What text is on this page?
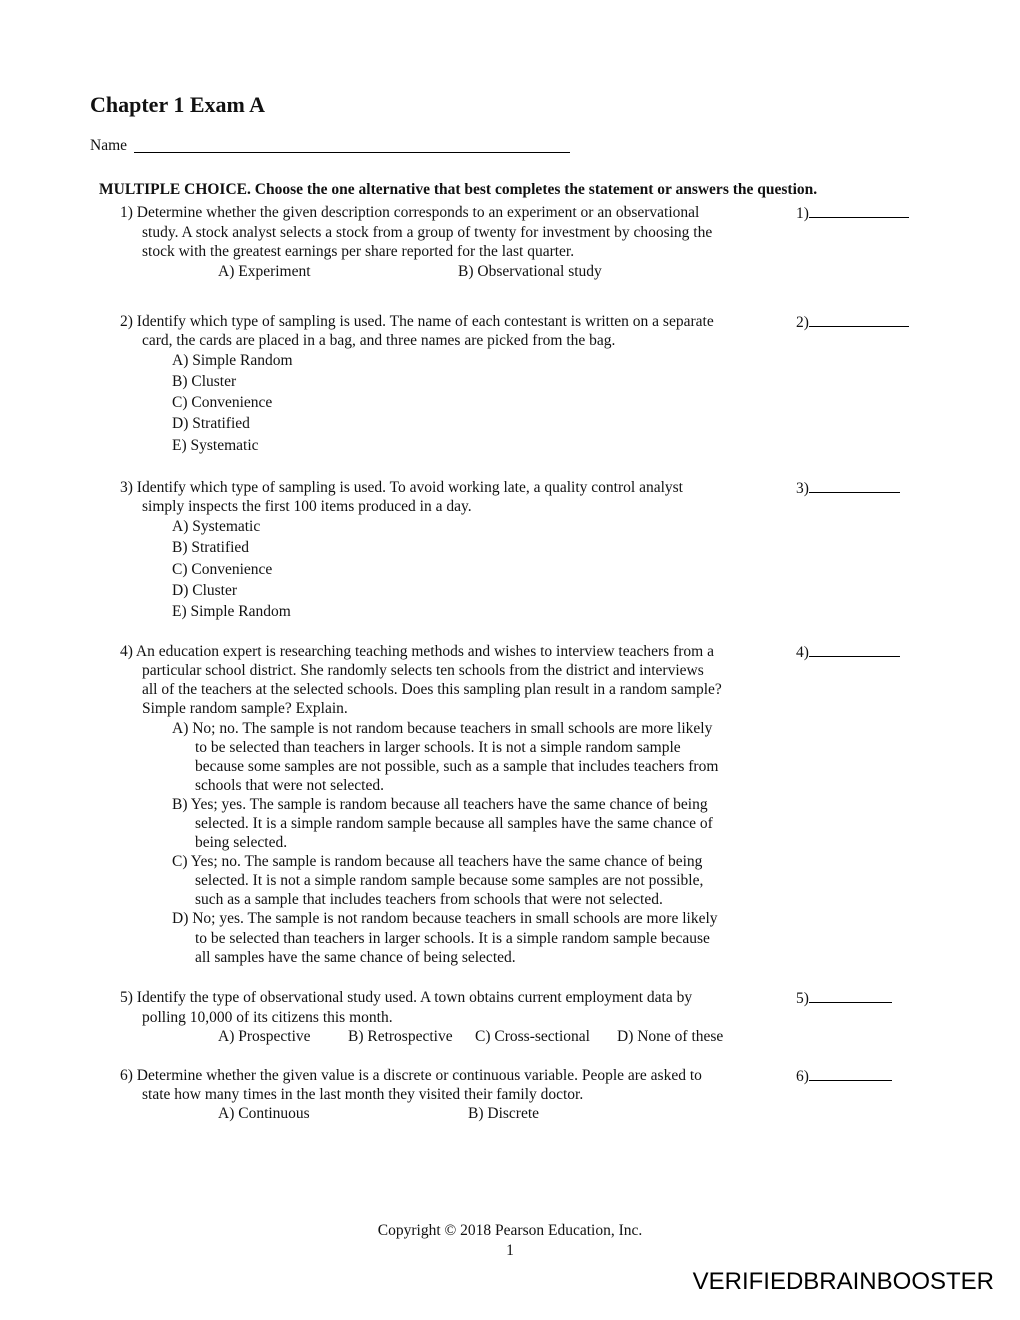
Chapter 1 Exam A
Name
MULTIPLE CHOICE. Choose the one alternative that best completes the statement or answers the question.
1) Determine whether the given description corresponds to an experiment or an observational
study. A stock analyst selects a stock from a group of twenty for investment by choosing the
stock with the greatest earnings per share reported for the last quarter.
A) Experiment	B) Observational study
1)
2) Identify which type of sampling is used. The name of each contestant is written on a separate
card, the cards are placed in a bag, and three names are picked from the bag.
A) Simple Random
B) Cluster
C) Convenience
D) Stratified
E) Systematic
2)
3) Identify which type of sampling is used. To avoid working late, a quality control analyst
simply inspects the first 100 items produced in a day.
A) Systematic
B) Stratified
C) Convenience
D) Cluster
E) Simple Random
3)
4) An education expert is researching teaching methods and wishes to interview teachers from a
particular school district. She randomly selects ten schools from the district and interviews
all of the teachers at the selected schools. Does this sampling plan result in a random sample?
Simple random sample? Explain.
A) No; no. The sample is not random because teachers in small schools are more likely
to be selected than teachers in larger schools. It is not a simple random sample
because some samples are not possible, such as a sample that includes teachers from
schools that were not selected.
B) Yes; yes. The sample is random because all teachers have the same chance of being
selected. It is a simple random sample because all samples have the same chance of
being selected.
C) Yes; no. The sample is random because all teachers have the same chance of being
selected. It is not a simple random sample because some samples are not possible,
such as a sample that includes teachers from schools that were not selected.
D) No; yes. The sample is not random because teachers in small schools are more likely
to be selected than teachers in larger schools. It is a simple random sample because
all samples have the same chance of being selected.
4)
5) Identify the type of observational study used. A town obtains current employment data by
polling 10,000 of its citizens this month.
A) Prospective B) Retrospective C) Cross-sectional D) None of these
5)
6) Determine whether the given value is a discrete or continuous variable. People are asked to
state how many times in the last month they visited their family doctor.
A) Continuous	B) Discrete
6)
Copyright © 2018 Pearson Education, Inc.
1
VERIFIEDBRAINBOOSTER
